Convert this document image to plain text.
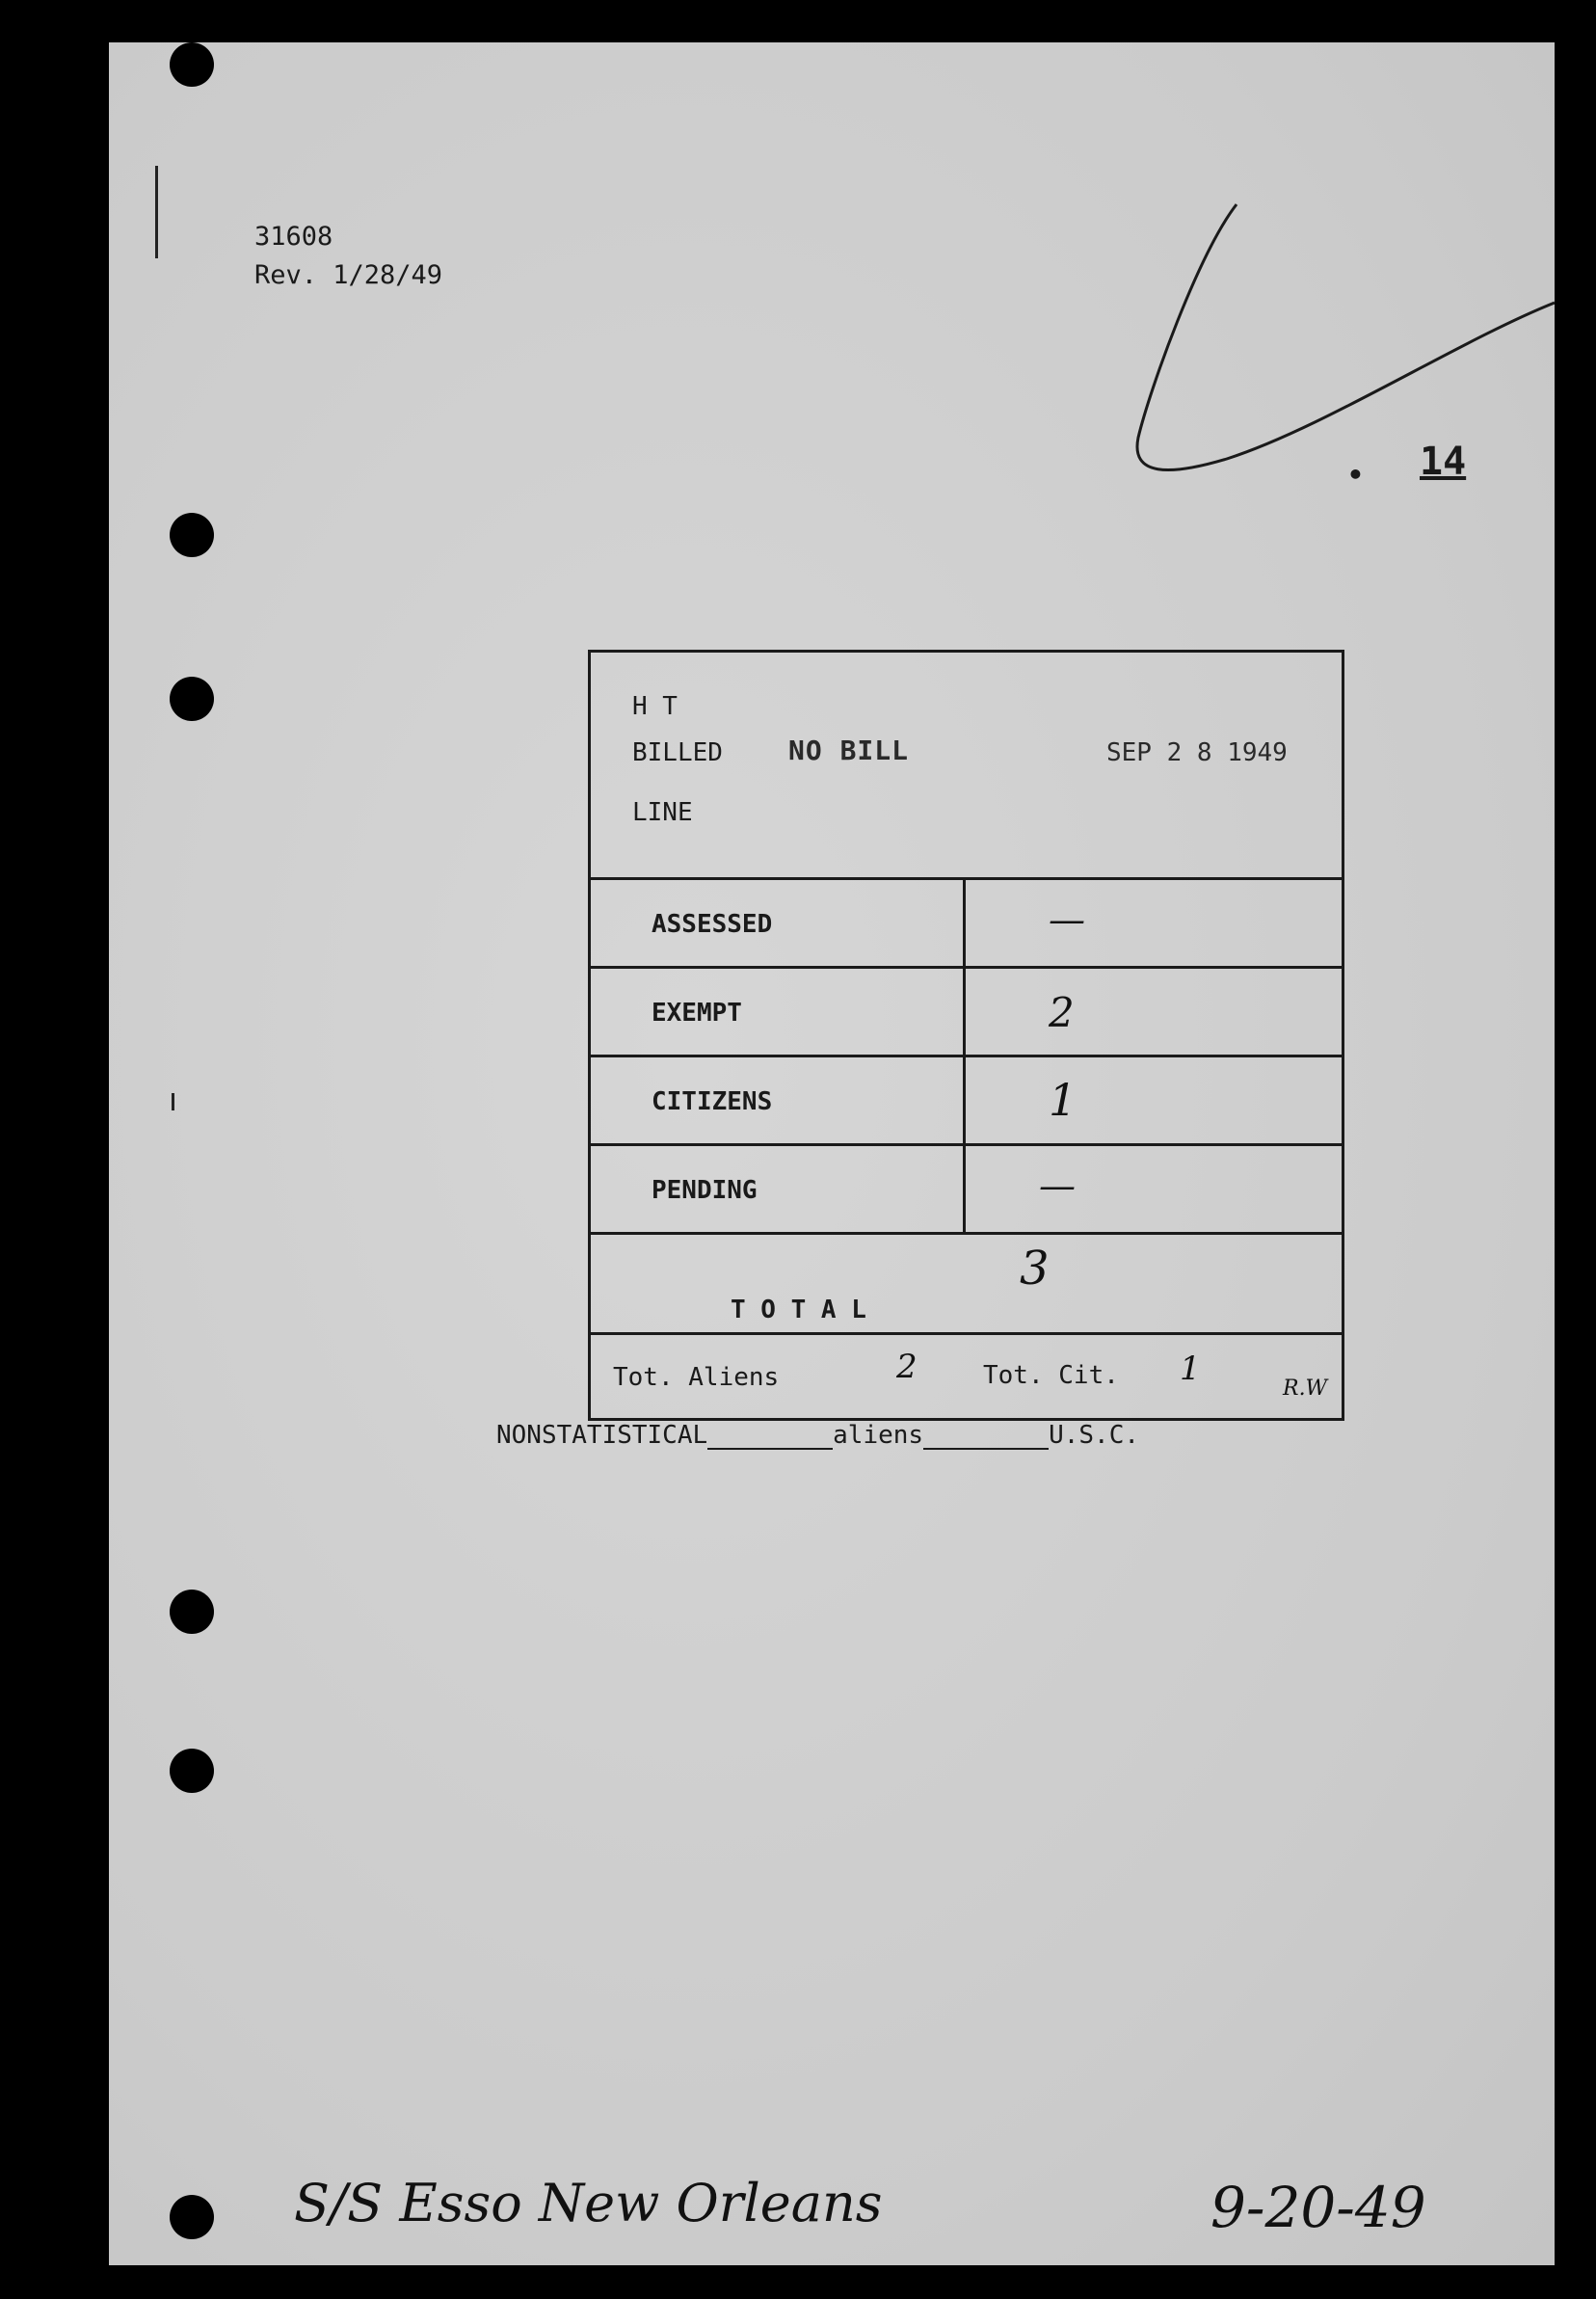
3⁡1608
Rev. 1/28/49
• 14
H T
BILLED NO BILL	SEP 2 8 1949
LINE
ASSESSED	—
EXEMPT	2
CITIZENS	1
PENDING	—
3
T O T A L
Tot. Aliens	2	Tot. Cit. 1
R.W
NONSTATISTICAL	aliens	U.S.C.
S/S Esso New Orleans	9-20-49
